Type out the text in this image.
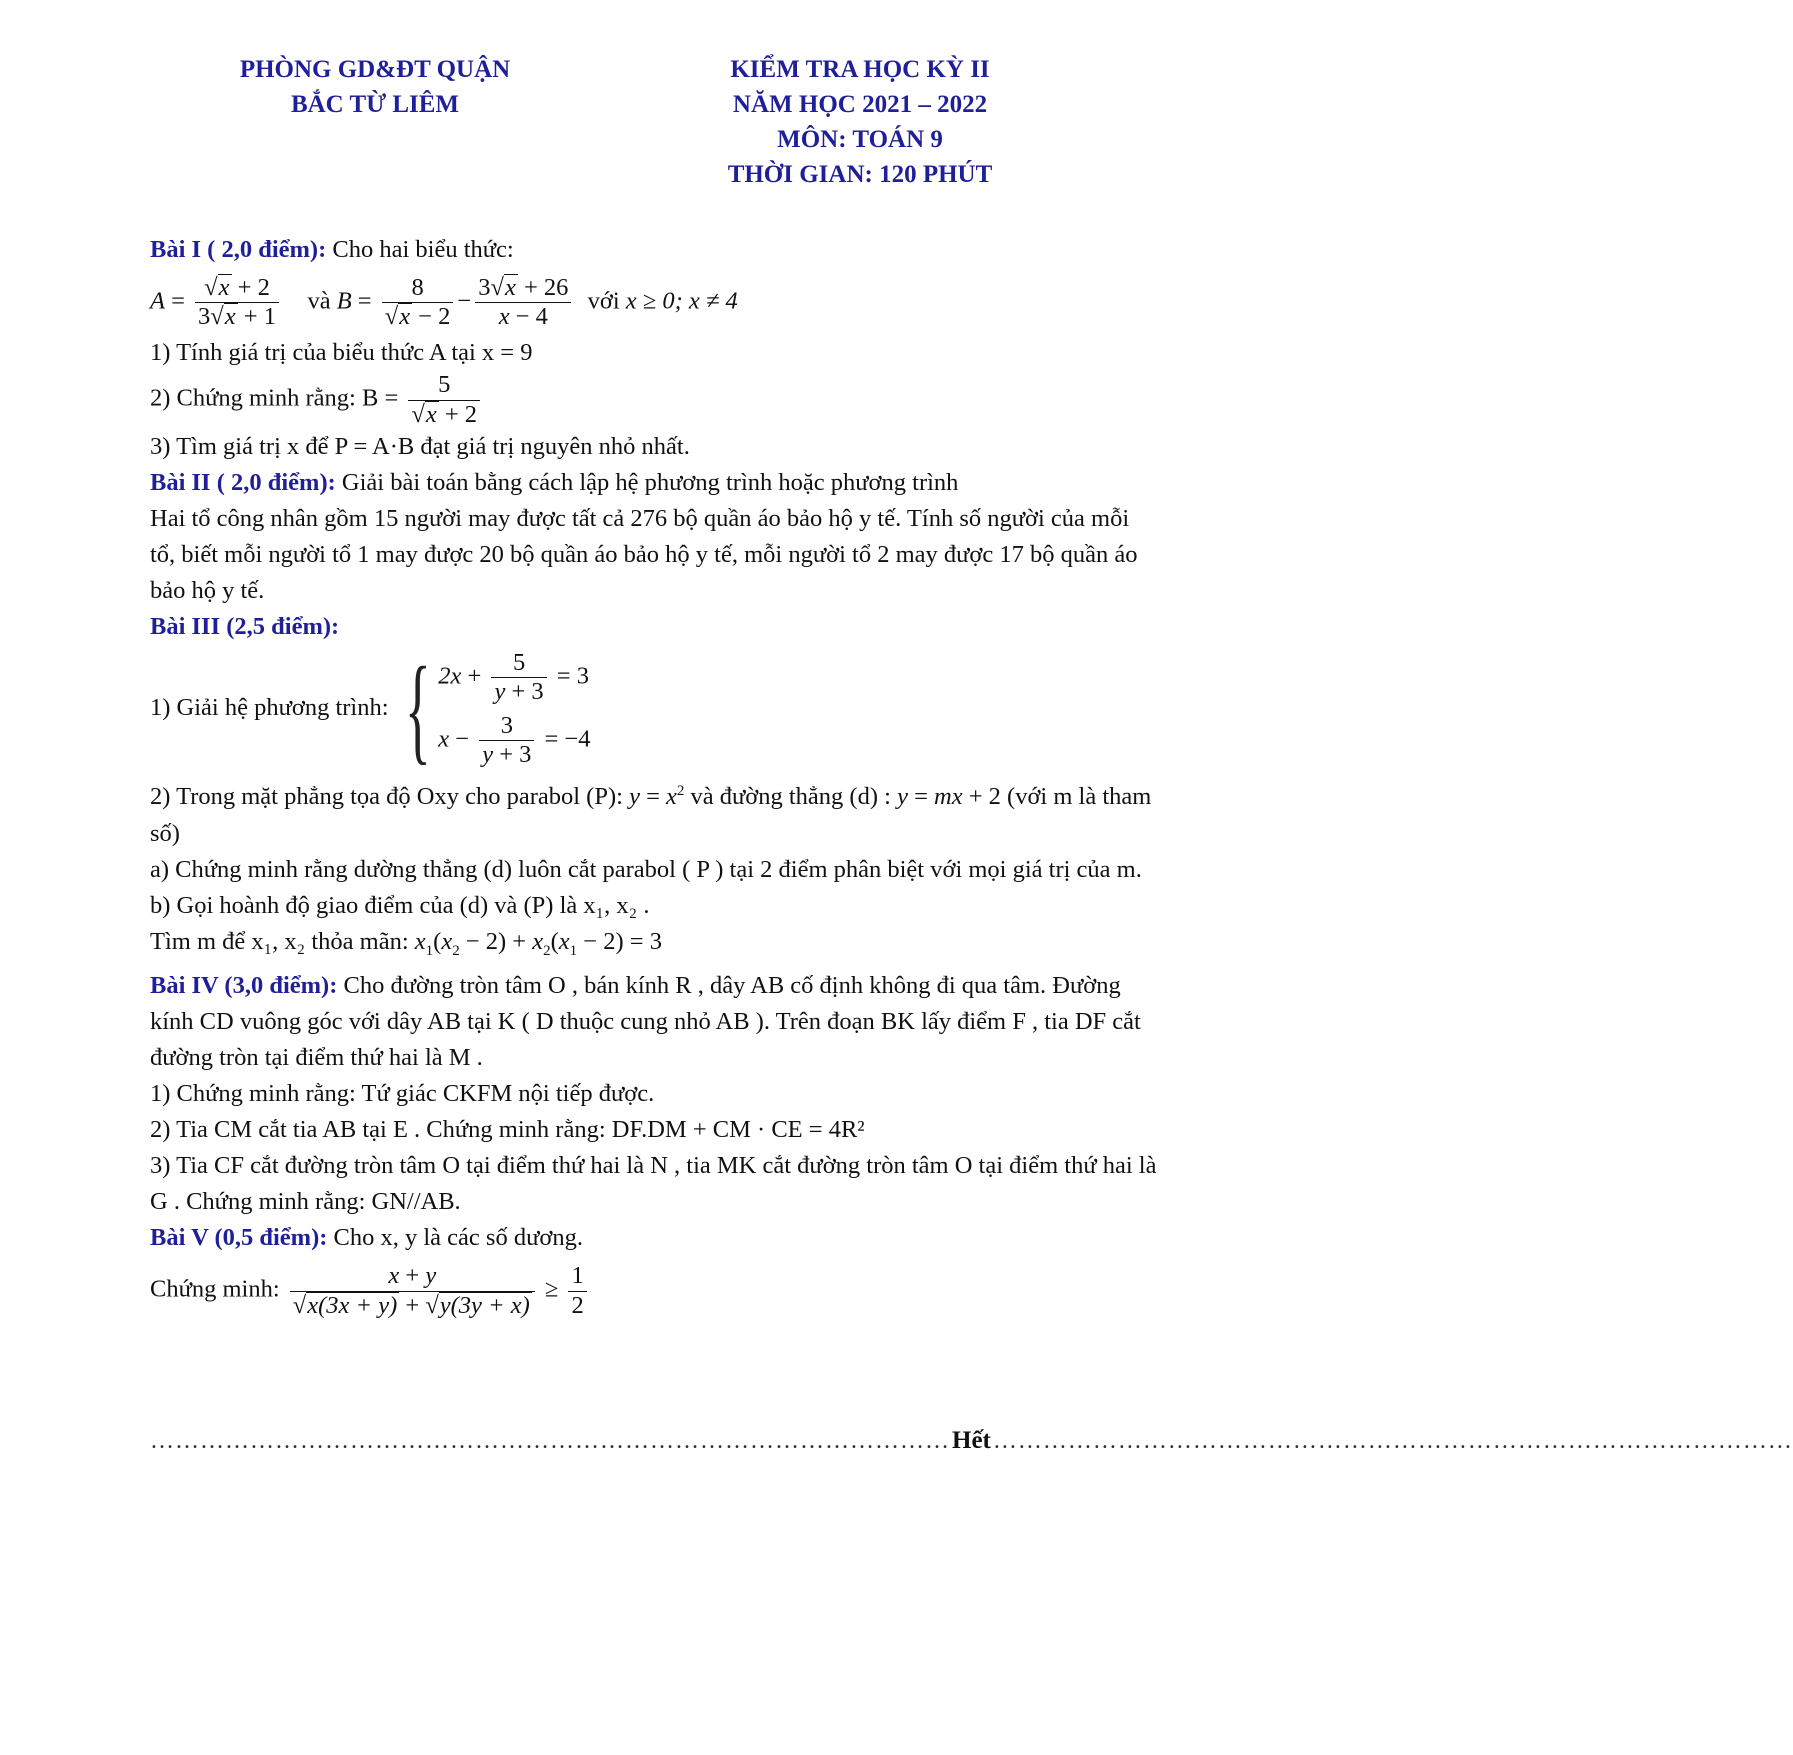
PHÒNG GD&ĐT QUẬN
BẮC TỪ LIÊM
KIỂM TRA HỌC KỲ II
NĂM HỌC 2021 – 2022
MÔN: TOÁN 9
THỜI GIAN: 120 PHÚT

Bài I ( 2,0 điểm): Cho hai biểu thức:

$A = \frac{√x + 2}{3√x + 1}$ và $B = \frac{8}{√x - 2} - \frac{3√x + 26}{x - 4}$ với x ≥ 0; x ≠ 4

1) Tính giá trị của biểu thức A tại x = 9

2) Chứng minh rằng: $B = \frac{5}{√x + 2}$

3) Tìm giá trị x để P = A·B đạt giá trị nguyên nhỏ nhất.

Bài II ( 2,0 điểm): Giải bài toán bằng cách lập hệ phương trình hoặc phương trình

Hai tổ công nhân gồm 15 người may được tất cả 276 bộ quần áo bảo hộ y tế. Tính số người của mỗi tổ, biết mỗi người tổ 1 may được 20 bộ quần áo bảo hộ y tế, mỗi người tổ 2 may được 17 bộ quần áo bảo hộ y tế.

Bài III (2,5 điểm):

1) Giải hệ phương trình: { $2x + \frac{5}{y + 3} = 3$
$x - \frac{3}{y + 3} = -4$

2) Trong mặt phẳng tọa độ Oxy cho parabol (P): $y = x^2$ và đường thẳng (d) : y = mx + 2 (với m là tham số)

a) Chứng minh rằng dường thẳng (d) luôn cắt parabol ( P ) tại 2 điểm phân biệt với mọi giá trị của m.

b) Gọi hoành độ giao điểm của (d) và (P) là x₁, x₂ .

Tìm m để x₁, x₂ thỏa mãn: $x_1(x_2 - 2) + x_2(x_1 - 2) = 3$

Bài IV (3,0 điểm): Cho đường tròn tâm O , bán kính R , dây AB cố định không đi qua tâm. Đường kính CD vuông góc với dây AB tại K ( D thuộc cung nhỏ AB ). Trên đoạn BK lấy điểm F , tia DF cắt đường tròn tại điểm thứ hai là M .

1) Chứng minh rằng: Tứ giác CKFM nội tiếp được.

2) Tia CM cắt tia AB tại E . Chứng minh rằng: DF.DM + CM · CE = 4R²

3) Tia CF cắt đường tròn tâm O tại điểm thứ hai là N , tia MK cắt đường tròn tâm O tại điểm thứ hai là G . Chứng minh rằng: GN//AB.

Bài V (0,5 điểm): Cho x, y là các số dương.

Chứng minh: $\frac{x + y}{√x(3x + y) + √y(3y + x)} \ge \frac{1}{2}$

…………………………………………………………………………………… Hết ……………………………………………………………………………………
